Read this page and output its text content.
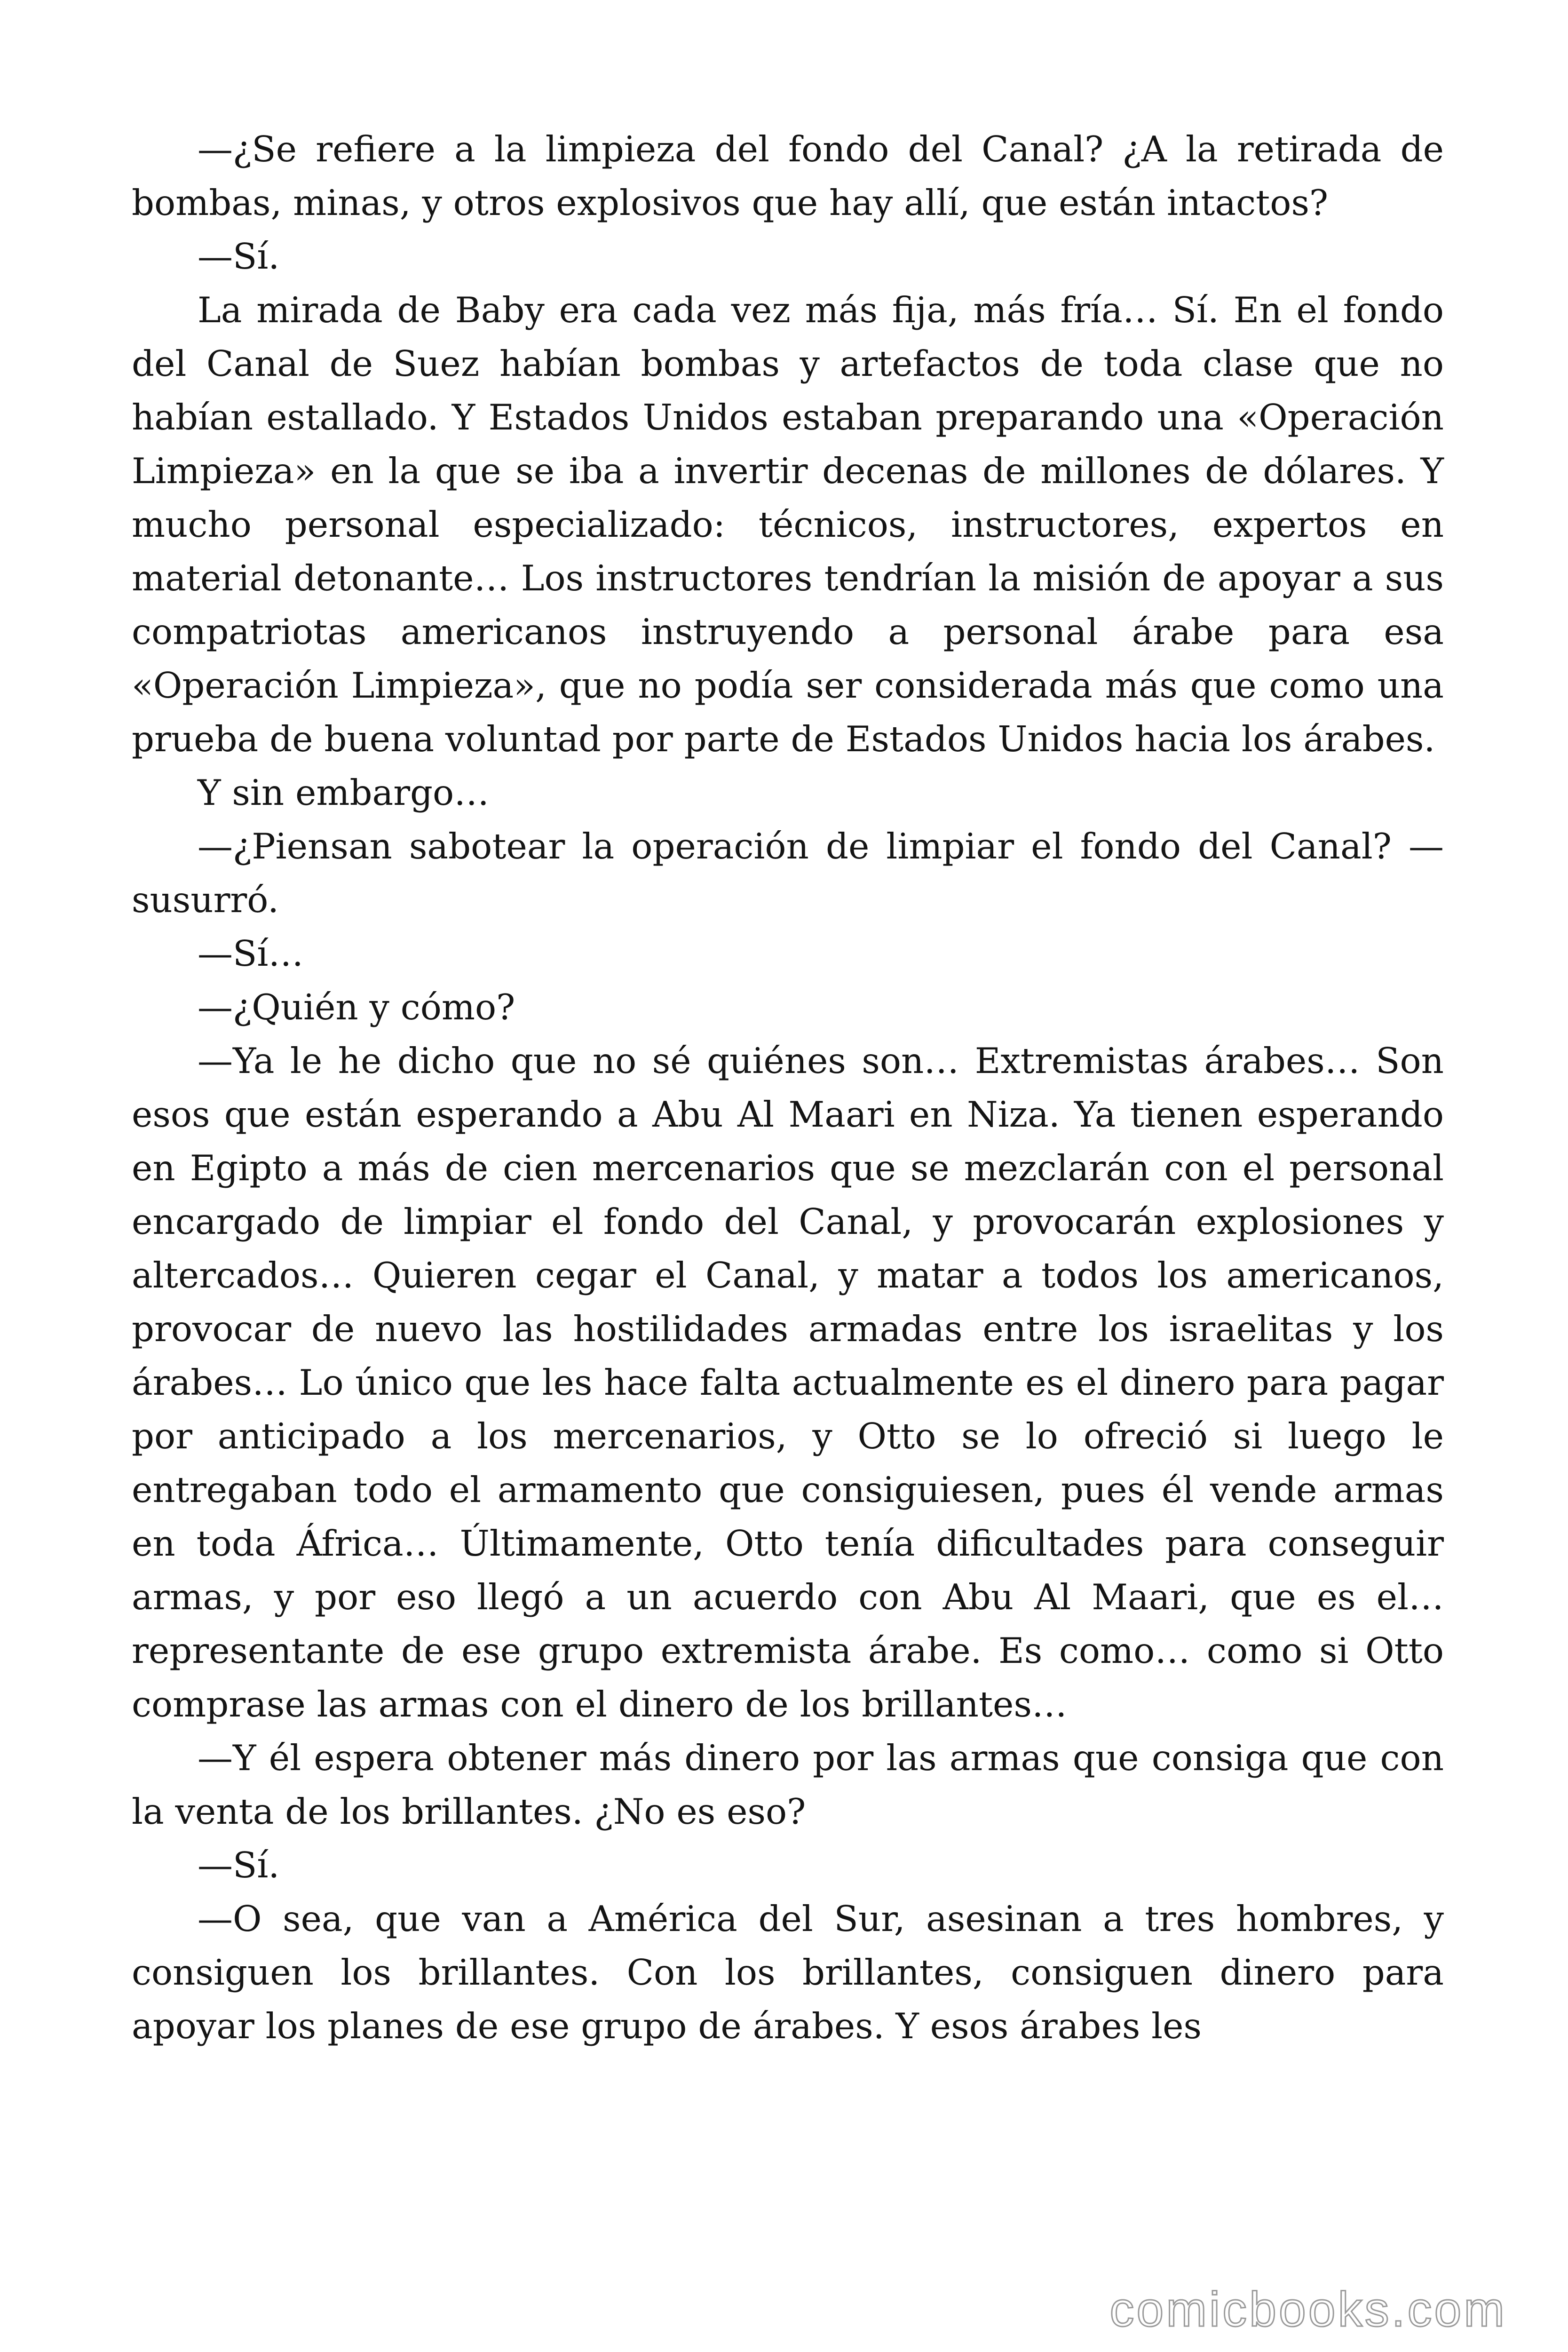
—¿Se refiere a la limpieza del fondo del Canal? ¿A la retirada de bombas, minas, y otros explosivos que hay allí, que están intactos?

—Sí.

La mirada de Baby era cada vez más fija, más fría… Sí. En el fondo del Canal de Suez habían bombas y artefactos de toda clase que no habían estallado. Y Estados Unidos estaban preparando una «Operación Limpieza» en la que se iba a invertir decenas de millones de dólares. Y mucho personal especializado: técnicos, instructores, expertos en material detonante… Los instructores tendrían la misión de apoyar a sus compatriotas americanos instruyendo a personal árabe para esa «Operación Limpieza», que no podía ser considerada más que como una prueba de buena voluntad por parte de Estados Unidos hacia los árabes.

Y sin embargo…

—¿Piensan sabotear la operación de limpiar el fondo del Canal? —susurró.

—Sí…

—¿Quién y cómo?

—Ya le he dicho que no sé quiénes son… Extremistas árabes… Son esos que están esperando a Abu Al Maari en Niza. Ya tienen esperando en Egipto a más de cien mercenarios que se mezclarán con el personal encargado de limpiar el fondo del Canal, y provocarán explosiones y altercados… Quieren cegar el Canal, y matar a todos los americanos, provocar de nuevo las hostilidades armadas entre los israelitas y los árabes… Lo único que les hace falta actualmente es el dinero para pagar por anticipado a los mercenarios, y Otto se lo ofreció si luego le entregaban todo el armamento que consiguiesen, pues él vende armas en toda África… Últimamente, Otto tenía dificultades para conseguir armas, y por eso llegó a un acuerdo con Abu Al Maari, que es el… representante de ese grupo extremista árabe. Es como… como si Otto comprase las armas con el dinero de los brillantes…

—Y él espera obtener más dinero por las armas que consiga que con la venta de los brillantes. ¿No es eso?

—Sí.

—O sea, que van a América del Sur, asesinan a tres hombres, y consiguen los brillantes. Con los brillantes, consiguen dinero para apoyar los planes de ese grupo de árabes. Y esos árabes les

comicbooks.com
